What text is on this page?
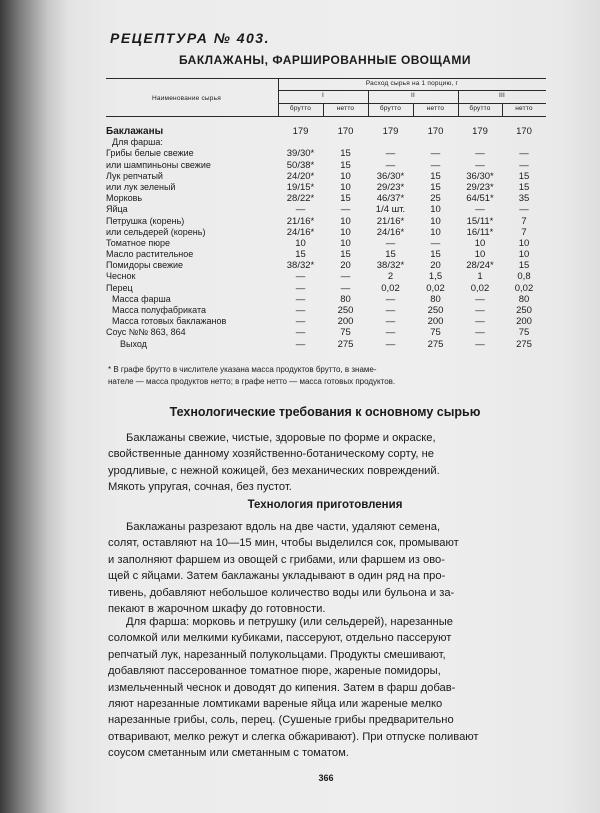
РЕЦЕПТУРА № 403.
БАКЛАЖАНЫ, ФАРШИРОВАННЫЕ ОВОЩАМИ
Наименование сырья
Расход сырья на 1 порцию, г
I	II	III
брутто	нетто	брутто	нетто	брутто	нетто
Баклажаны	179	170	179	170	179	170
Для фарша:
Грибы белые свежие	39/30*	15	—	—	—	—
или шампиньоны свежие	50/38*	15	—	—	—	—
Лук репчатый	24/20*	10	36/30*	15	36/30*	15
или лук зеленый	19/15*	10	29/23*	15	29/23*	15
Морковь	28/22*	15	46/37*	25	64/51*	35
Яйца	—	—	1/4 шт.	10	—	—
Петрушка (корень)	21/16*	10	21/16*	10	15/11*	7
или сельдерей (корень)	24/16*	10	24/16*	10	16/11*	7
Томатное пюре	10	10	—	—	10	10
Масло растительное	15	15	15	15	10	10
Помидоры свежие	38/32*	20	38/32*	20	28/24*	15
Чеснок	—	—	2	1,5	1	0,8
Перец	—	—	0,02	0,02	0,02	0,02
Масса фарша	—	80	—	80	—	80
Масса полуфабриката	—	250	—	250	—	250
Масса готовых баклажанов	—	200	—	200	—	200
Соус №№ 863, 864	—	75	—	75	—	75
Выход	—	275	—	275	—	275
* В графе брутто в числителе указана масса продуктов брутто, в знаме-
нателе — масса продуктов нетто; в графе нетто — масса готовых продуктов.
Технологические требования к основному сырью
Баклажаны свежие, чистые, здоровые по форме и окраске,
свойственные данному хозяйственно-ботаническому сорту, не
уродливые, с нежной кожицей, без механических повреждений.
Мякоть упругая, сочная, без пустот.
Технология приготовления
Баклажаны разрезают вдоль на две части, удаляют семена,
солят, оставляют на 10—15 мин, чтобы выделился сок, промывают
и заполняют фаршем из овощей с грибами, или фаршем из ово-
щей с яйцами. Затем баклажаны укладывают в один ряд на про-
тивень, добавляют небольшое количество воды или бульона и за-
пекают в жарочном шкафу до готовности.
Для фарша: морковь и петрушку (или сельдерей), нарезанные
соломкой или мелкими кубиками, пассеруют, отдельно пассеруют
репчатый лук, нарезанный полукольцами. Продукты смешивают,
добавляют пассерованное томатное пюре, жареные помидоры,
измельченный чеснок и доводят до кипения. Затем в фарш добав-
ляют нарезанные ломтиками вареные яйца или жареные мелко
нарезанные грибы, соль, перец. (Сушеные грибы предварительно
отваривают, мелко режут и слегка обжаривают). При отпуске поливают
соусом сметанным или сметанным с томатом.
366
